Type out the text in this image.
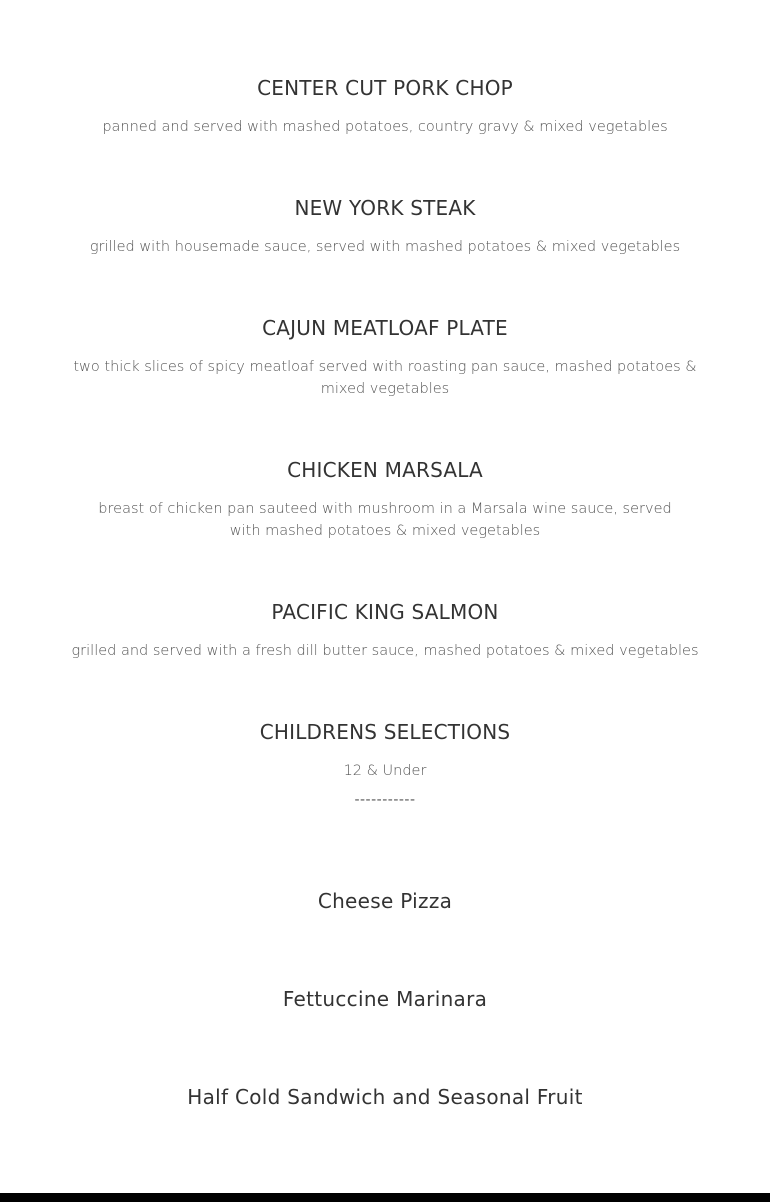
CENTER CUT PORK CHOP
panned and served with mashed potatoes, country gravy & mixed vegetables
NEW YORK STEAK
grilled with housemade sauce, served with mashed potatoes & mixed vegetables
CAJUN MEATLOAF PLATE
two thick slices of spicy meatloaf served with roasting pan sauce, mashed potatoes & mixed vegetables
CHICKEN MARSALA
breast of chicken pan sauteed with mushroom in a Marsala wine sauce, served with mashed potatoes & mixed vegetables
PACIFIC KING SALMON
grilled and served with a fresh dill butter sauce, mashed potatoes & mixed vegetables
CHILDRENS SELECTIONS
12 & Under
-----------
Cheese Pizza
Fettuccine Marinara
Half Cold Sandwich and Seasonal Fruit
